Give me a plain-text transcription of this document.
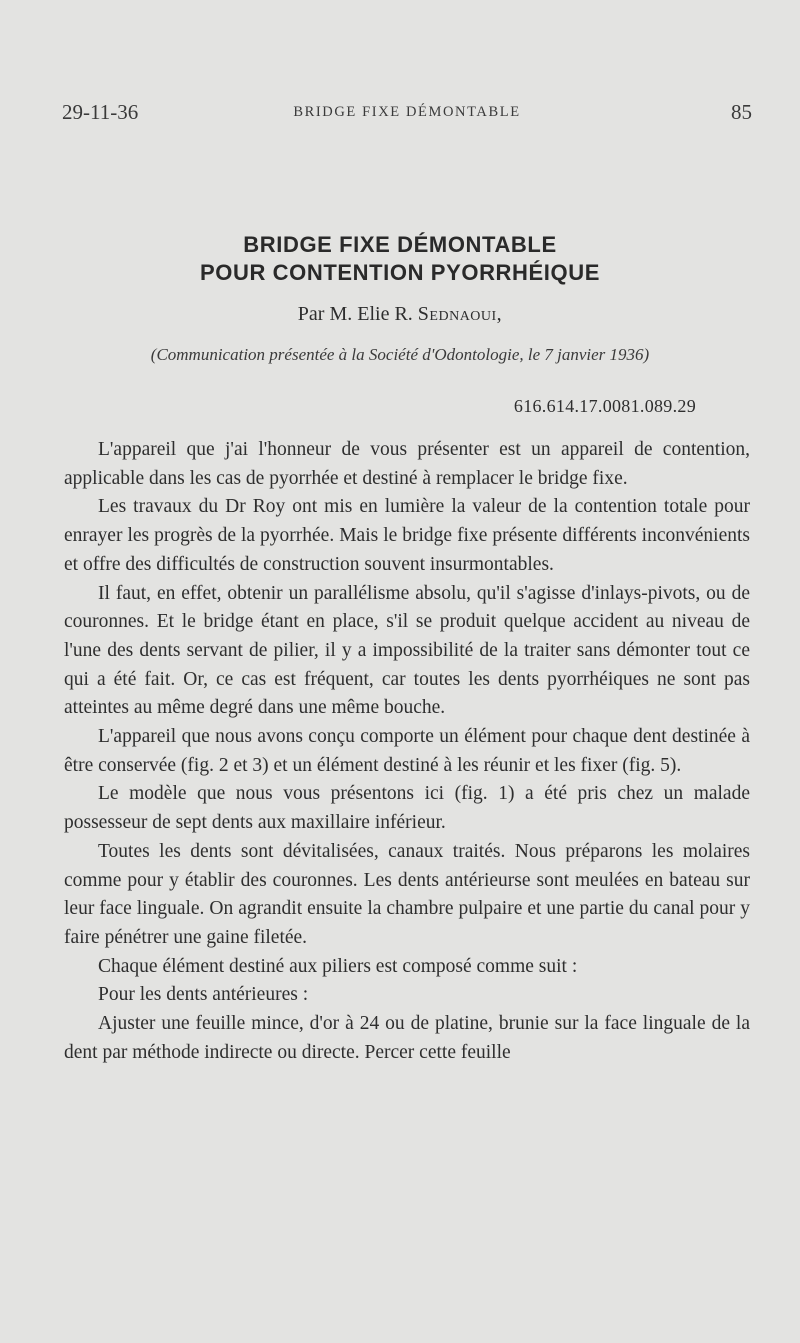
29-11-36	BRIDGE FIXE DÉMONTABLE	85
BRIDGE FIXE DÉMONTABLE
POUR CONTENTION PYORRHÉIQUE
Par M. Elie R. Sednaoui,
(Communication présentée à la Société d'Odontologie, le 7 janvier 1936)
616.614.17.0081.089.29

L'appareil que j'ai l'honneur de vous présenter est un appareil de contention, applicable dans les cas de pyorrhée et destiné à remplacer le bridge fixe.

Les travaux du Dr Roy ont mis en lumière la valeur de la contention totale pour enrayer les progrès de la pyorrhée. Mais le bridge fixe présente différents inconvénients et offre des difficultés de construction souvent insurmontables.

Il faut, en effet, obtenir un parallélisme absolu, qu'il s'agisse d'inlays-pivots, ou de couronnes. Et le bridge étant en place, s'il se produit quelque accident au niveau de l'une des dents servant de pilier, il y a impossibilité de la traiter sans démonter tout ce qui a été fait. Or, ce cas est fréquent, car toutes les dents pyorrhéiques ne sont pas atteintes au même degré dans une même bouche.

L'appareil que nous avons conçu comporte un élément pour chaque dent destinée à être conservée (fig. 2 et 3) et un élément destiné à les réunir et les fixer (fig. 5).

Le modèle que nous vous présentons ici (fig. 1) a été pris chez un malade possesseur de sept dents aux maxillaire inférieur.

Toutes les dents sont dévitalisées, canaux traités. Nous préparons les molaires comme pour y établir des couronnes. Les dents antérieurse sont meulées en bateau sur leur face linguale. On agrandit ensuite la chambre pulpaire et une partie du canal pour y faire pénétrer une gaine filetée.

Chaque élément destiné aux piliers est composé comme suit :

Pour les dents antérieures :

Ajuster une feuille mince, d'or à 24 ou de platine, brunie sur la face linguale de la dent par méthode indirecte ou directe. Percer cette feuille
